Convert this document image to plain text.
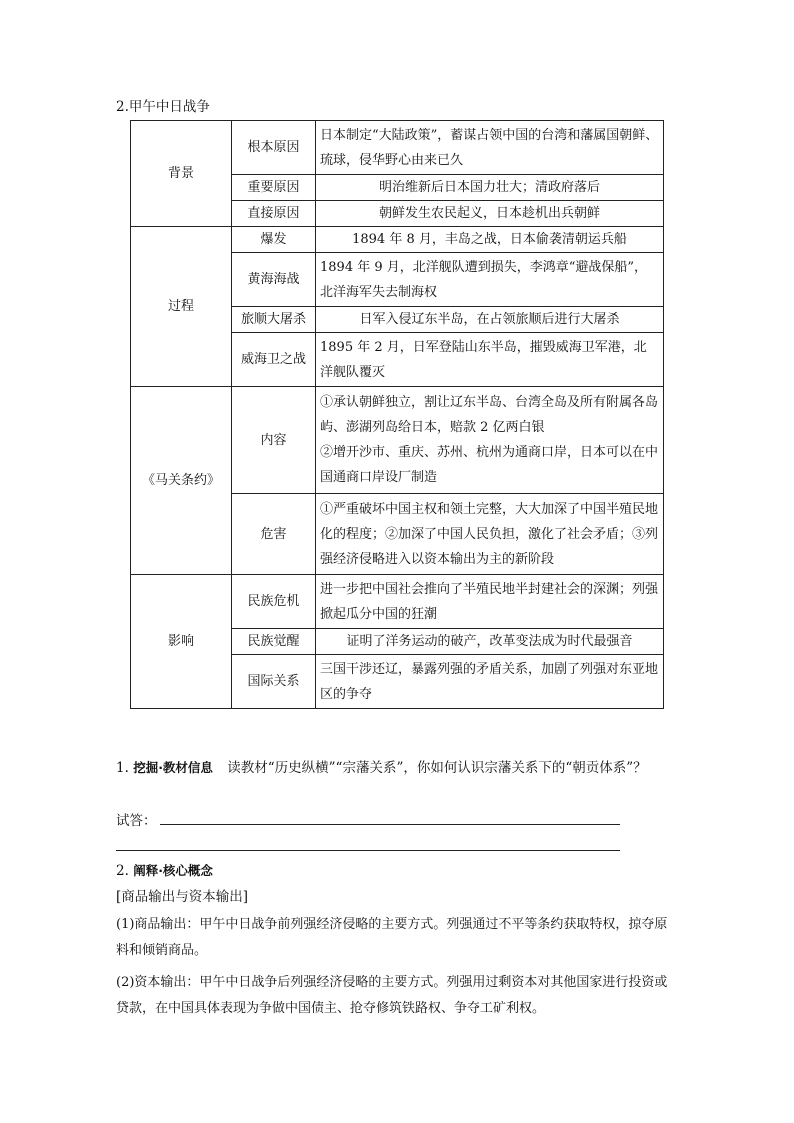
2.甲午中日战争
背景	根本原因	日本制定“大陆政策”，蓄谋占领中国的台湾和藩属国朝鲜、琉球，侵华野心由来已久
	重要原因	明治维新后日本国力壮大；清政府落后
	直接原因	朝鲜发生农民起义，日本趁机出兵朝鲜
过程	爆发	1894 年 8 月，丰岛之战，日本偷袭清朝运兵船
	黄海海战	1894 年 9 月，北洋舰队遭到损失，李鸿章“避战保船”，北洋海军失去制海权
	旅顺大屠杀	日军入侵辽东半岛，在占领旅顺后进行大屠杀
	威海卫之战	1895 年 2 月，日军登陆山东半岛，摧毁威海卫军港，北洋舰队覆灭
《马关条约》	内容	①承认朝鲜独立，割让辽东半岛、台湾全岛及所有附属各岛屿、澎湖列岛给日本，赔款 2 亿两白银
②增开沙市、重庆、苏州、杭州为通商口岸，日本可以在中国通商口岸设厂制造

	危害	①严重破坏中国主权和领土完整，大大加深了中国半殖民地化的程度；②加深了中国人民负担，激化了社会矛盾；③列强经济侵略进入以资本输出为主的新阶段
影响	民族危机	进一步把中国社会推向了半殖民地半封建社会的深渊；列强掀起瓜分中国的狂潮
	民族觉醒	证明了洋务运动的破产，改革变法成为时代最强音
	国际关系	三国干涉还辽，暴露列强的矛盾关系，加剧了列强对东亚地区的争夺
1. 挖掘·教材信息 读教材“历史纵横”“宗藩关系”，你如何认识宗藩关系下的“朝贡体系”？
试答：
2. 阐释·核心概念
[商品输出与资本输出]
(1)商品输出：甲午中日战争前列强经济侵略的主要方式。列强通过不平等条约获取特权，掠夺原料和倾销商品。
(2)资本输出：甲午中日战争后列强经济侵略的主要方式。列强用过剩资本对其他国家进行投资或贷款，在中国具体表现为争做中国债主、抢夺修筑铁路权、争夺工矿利权。
